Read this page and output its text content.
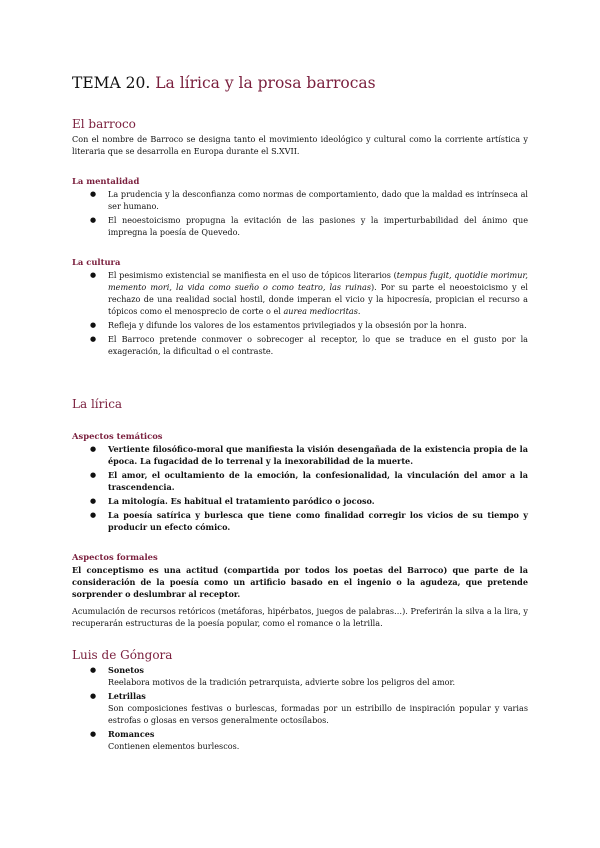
TEMA 20. La lírica y la prosa barrocas
El barroco

Con el nombre de Barroco se designa tanto el movimiento ideológico y cultural como la corriente artística y literaria que se desarrolla en Europa durante el S.XVII.

La mentalidad
● La prudencia y la desconfianza como normas de comportamiento, dado que la maldad es intrínseca al ser humano.
● El neoestoicismo propugna la evitación de las pasiones y la imperturbabilidad del ánimo que impregna la poesía de Quevedo.
La cultura
● El pesimismo existencial se manifiesta en el uso de tópicos literarios (tempus fugit, quotidie morimur, memento mori, la vida como sueño o como teatro, las ruinas). Por su parte el neoestoicismo y el rechazo de una realidad social hostil, donde imperan el vicio y la hipocresía, propician el recurso a tópicos como el menosprecio de corte o el aurea mediocritas.
● Refleja y difunde los valores de los estamentos privilegiados y la obsesión por la honra.
● El Barroco pretende conmover o sobrecoger al receptor, lo que se traduce en el gusto por la exageración, la dificultad o el contraste.
La lírica
Aspectos temáticos
● Vertiente filosófico-moral que manifiesta la visión desengañada de la existencia propia de la época. La fugacidad de lo terrenal y la inexorabilidad de la muerte.
● El amor, el ocultamiento de la emoción, la confesionalidad, la vinculación del amor a la trascendencia.
● La mitología. Es habitual el tratamiento paródico o jocoso.
● La poesía satírica y burlesca que tiene como finalidad corregir los vicios de su tiempo y producir un efecto cómico.
Aspectos formales

El conceptismo es una actitud (compartida por todos los poetas del Barroco) que parte de la consideración de la poesía como un artificio basado en el ingenio o la agudeza, que pretende sorprender o deslumbrar al receptor.

Acumulación de recursos retóricos (metáforas, hipérbatos, juegos de palabras…). Preferirán la silva a la lira, y recuperarán estructuras de la poesía popular, como el romance o la letrilla.

Luis de Góngora
● Sonetos
Reelabora motivos de la tradición petrarquista, advierte sobre los peligros del amor.
● Letrillas
Son composiciones festivas o burlescas, formadas por un estribillo de inspiración popular y varias estrofas o glosas en versos generalmente octosílabos.
● Romances
Contienen elementos burlescos.
